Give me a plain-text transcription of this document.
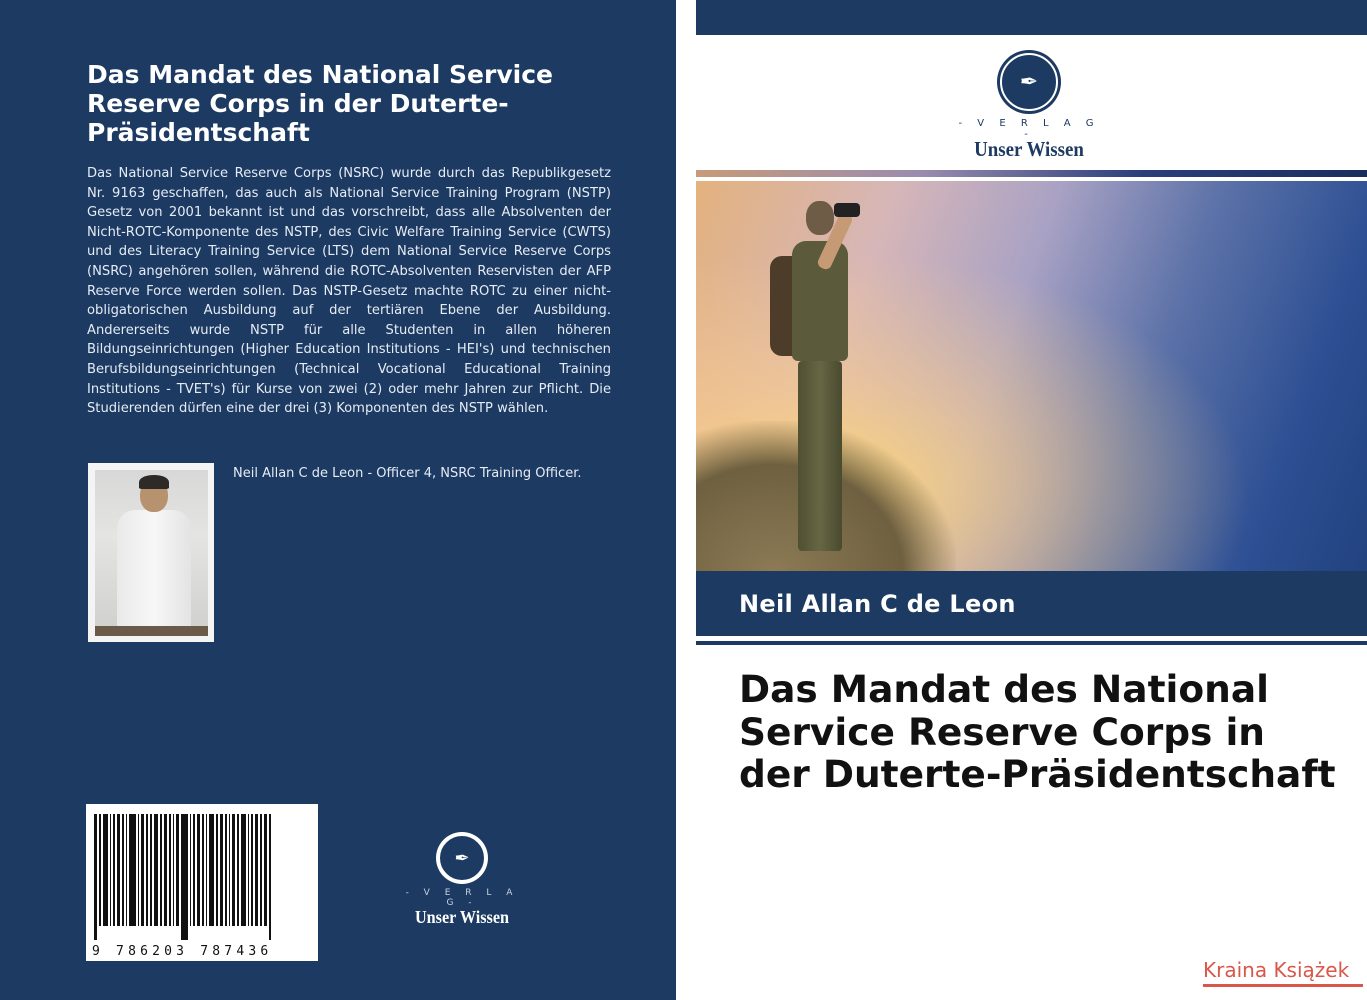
Das Mandat des National Service Reserve Corps in der Duterte-Präsidentschaft

Das National Service Reserve Corps (NSRC) wurde durch das Republikgesetz Nr. 9163 geschaffen, das auch als National Service Training Program (NSTP) Gesetz von 2001 bekannt ist und das vorschreibt, dass alle Absolventen der Nicht-ROTC-Komponente des NSTP, des Civic Welfare Training Service (CWTS) und des Literacy Training Service (LTS) dem National Service Reserve Corps (NSRC) angehören sollen, während die ROTC-Absolventen Reservisten der AFP Reserve Force werden sollen. Das NSTP-Gesetz machte ROTC zu einer nicht-obligatorischen Ausbildung auf der tertiären Ebene der Ausbildung. Andererseits wurde NSTP für alle Studenten in allen höheren Bildungseinrichtungen (Higher Education Institutions - HEI's) und technischen Berufsbildungseinrichtungen (Technical Vocational Educational Training Institutions - TVET's) für Kurse von zwei (2) oder mehr Jahren zur Pflicht. Die Studierenden dürfen eine der drei (3) Komponenten des NSTP wählen.

Neil Allan C de Leon - Officer 4, NSRC Training Officer.

9 786203 787436
✒
- V E R L A G -
Unser Wissen
✒
- V E R L A G -
Unser Wissen

Neil Allan C de Leon

Das Mandat des National Service Reserve Corps in der Duterte-Präsidentschaft
Kraina Książek
